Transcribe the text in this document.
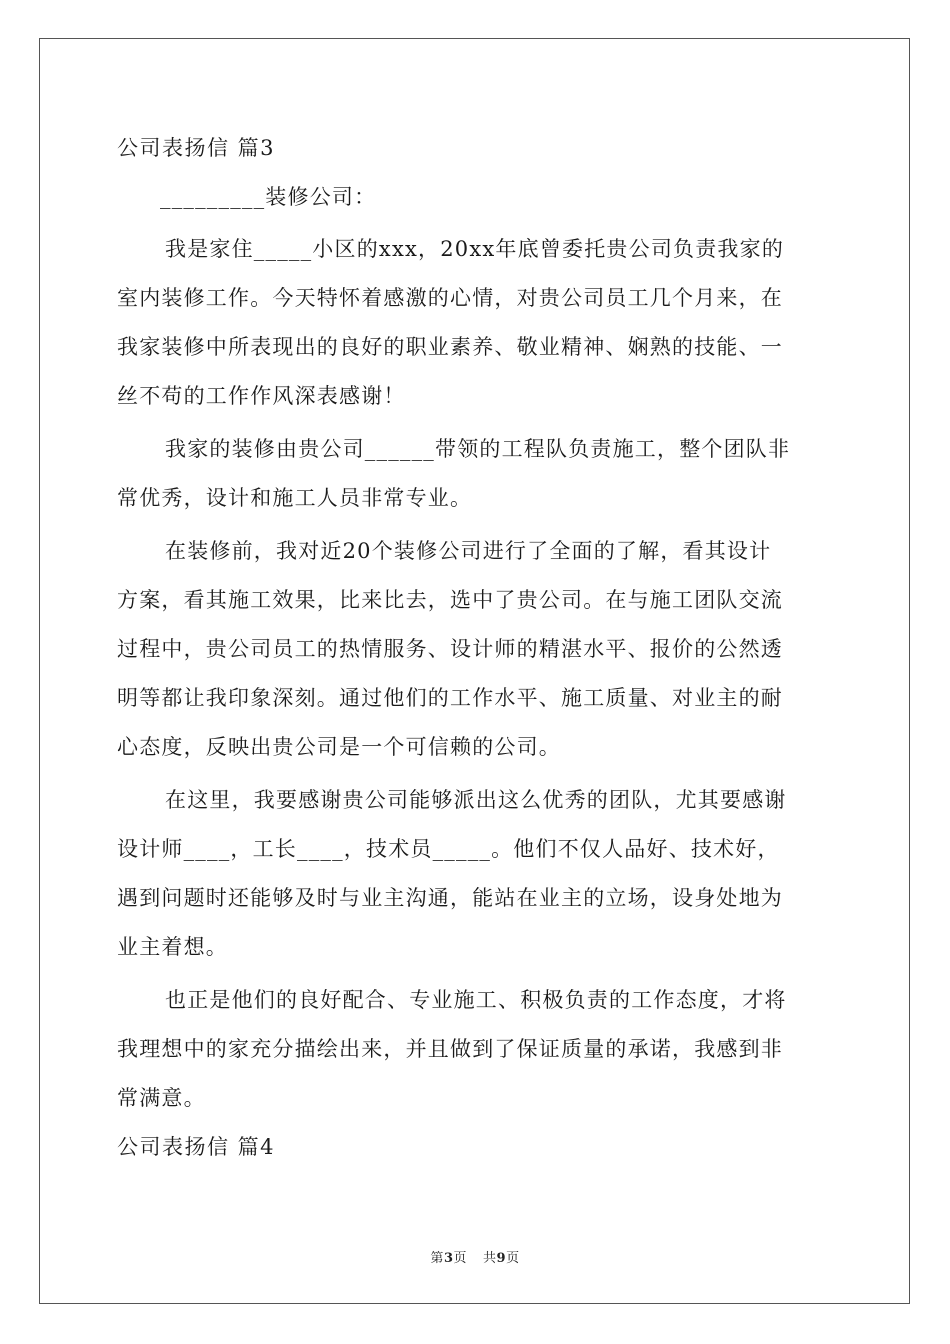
公司表扬信 篇3
_________装修公司：
我是家住_____小区的xxx，20xx年底曾委托贵公司负责我家的
室内装修工作。今天特怀着感激的心情，对贵公司员工几个月来，在
我家装修中所表现出的良好的职业素养、敬业精神、娴熟的技能、一
丝不苟的工作作风深表感谢！
我家的装修由贵公司______带领的工程队负责施工，整个团队非
常优秀，设计和施工人员非常专业。
在装修前，我对近20个装修公司进行了全面的了解，看其设计
方案，看其施工效果，比来比去，选中了贵公司。在与施工团队交流
过程中，贵公司员工的热情服务、设计师的精湛水平、报价的公然透
明等都让我印象深刻。通过他们的工作水平、施工质量、对业主的耐
心态度，反映出贵公司是一个可信赖的公司。
在这里，我要感谢贵公司能够派出这么优秀的团队，尤其要感谢
设计师____，工长____，技术员_____。他们不仅人品好、技术好，
遇到问题时还能够及时与业主沟通，能站在业主的立场，设身处地为
业主着想。
也正是他们的良好配合、专业施工、积极负责的工作态度，才将
我理想中的家充分描绘出来，并且做到了保证质量的承诺，我感到非
常满意。
公司表扬信 篇4
第3页 共9页
